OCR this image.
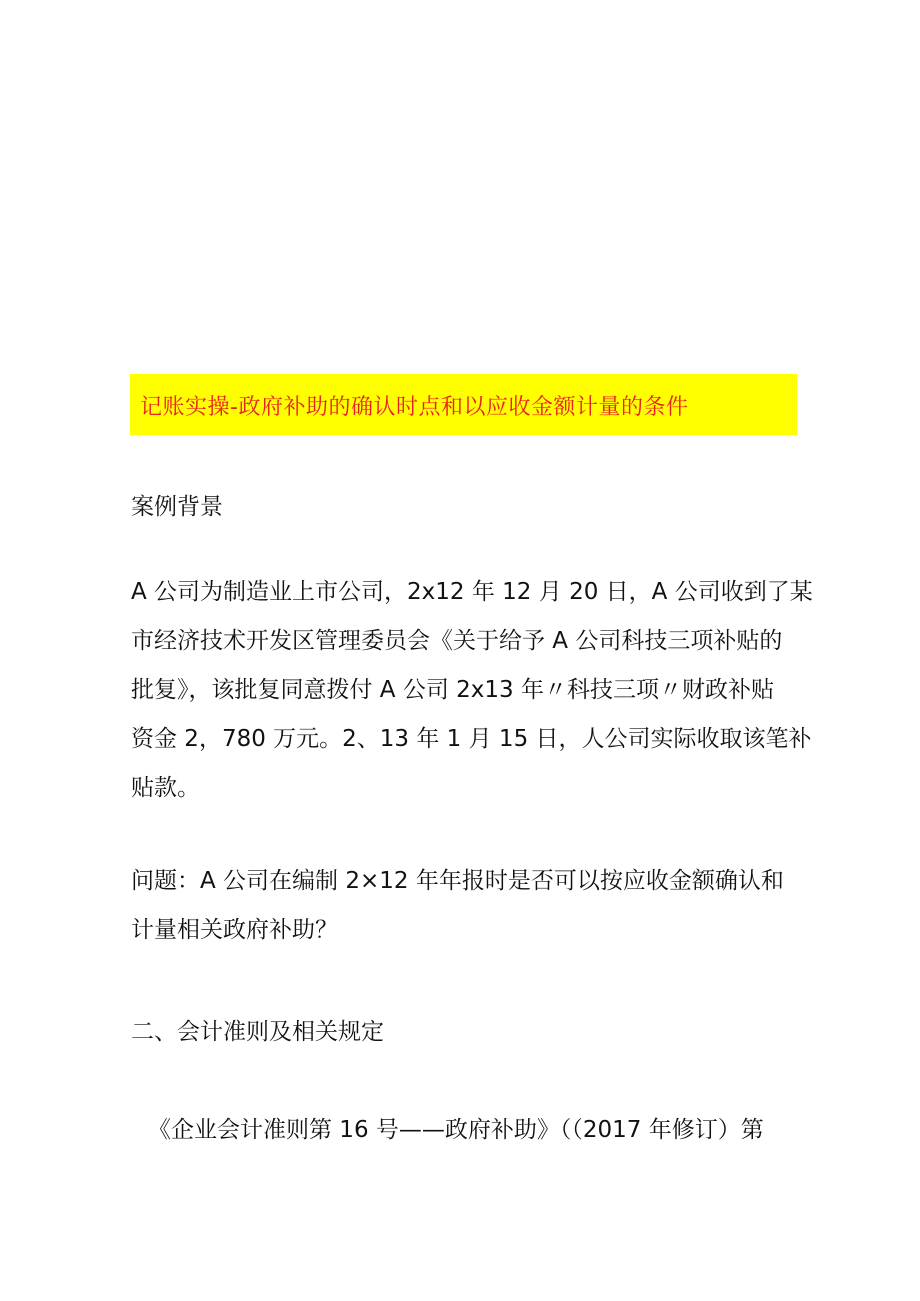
记账实操-政府补助的确认时点和以应收金额计量的条件
案例背景

A 公司为制造业上市公司，2x12 年 12 月 20 日，A 公司收到了某

市经济技术开发区管理委员会《关于给予 A 公司科技三项补贴的

批复》，该批复同意拨付 A 公司 2x13 年〃科技三项〃财政补贴

资金 2，780 万元。2、13 年 1 月 15 日，人公司实际收取该笔补

贴款。

问题：A 公司在编制 2×12 年年报时是否可以按应收金额确认和

计量相关政府补助？

二、会计准则及相关规定
《企业会计准则第 16 号——政府补助》（（2017 年修订）第
